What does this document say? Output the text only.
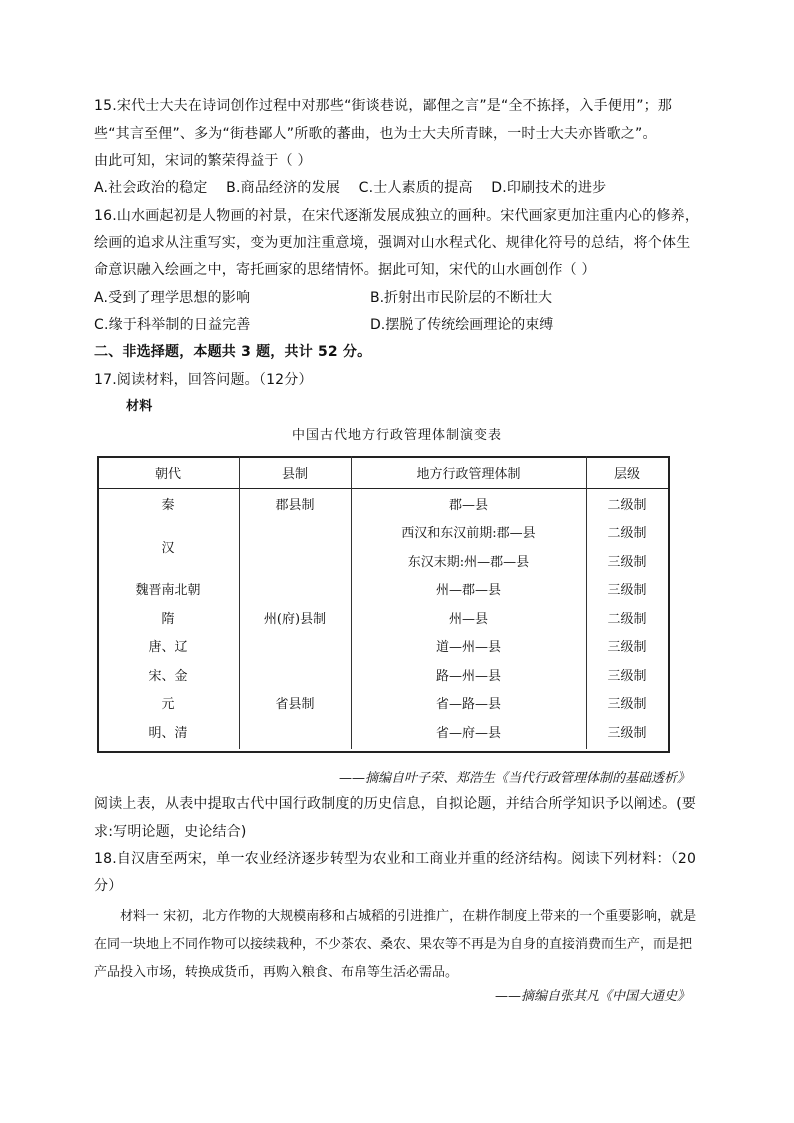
15.宋代士大夫在诗词创作过程中对那些“街谈巷说，鄙俚之言”是“全不拣择，入手便用”；那
些“其言至俚”、多为“街巷鄙人”所歌的蕃曲，也为士大夫所青睐，一时士大夫亦皆歌之”。
由此可知，宋词的繁荣得益于（ ）
A.社会政治的稳定    B.商品经济的发展    C.士人素质的提高    D.印刷技术的进步
16.山水画起初是人物画的衬景，在宋代逐渐发展成独立的画种。宋代画家更加注重内心的修养，
绘画的追求从注重写实，变为更加注重意境，强调对山水程式化、规律化符号的总结，将个体生
命意识融入绘画之中，寄托画家的思绪情怀。据此可知，宋代的山水画创作（ ）
A.受到了理学思想的影响	B.折射出市民阶层的不断壮大
C.缘于科举制的日益完善	D.摆脱了传统绘画理论的束缚
二、非选择题，本题共 3 题，共计 52 分。
17.阅读材料，回答问题。（12分）
材料
中国古代地方行政管理体制演变表
朝代	县制	地方行政管理体制	层级
秦	郡县制	郡—县	二级制
汉		西汉和东汉前期:郡—县	二级制
		东汉末期:州—郡—县	三级制
魏晋南北朝		州—郡—县	三级制
隋	州(府)县制	州—县	二级制
唐、辽		道—州—县	三级制
宋、金		路—州—县	三级制
元	省县制	省—路—县	三级制
明、清		省—府—县	三级制
——摘编自叶子荣、郑浩生《当代行政管理体制的基础透析》
阅读上表，从表中提取古代中国行政制度的历史信息，自拟论题，并结合所学知识予以阐述。(要
求:写明论题，史论结合)
18.自汉唐至两宋，单一农业经济逐步转型为农业和工商业并重的经济结构。阅读下列材料：（20
分）
材料一 宋初，北方作物的大规模南移和占城稻的引进推广，在耕作制度上带来的一个重要影响，就是在同一块地上不同作物可以接续栽种，不少茶农、桑农、果农等不再是为自身的直接消费而生产，而是把产品投入市场，转换成货币，再购入粮食、布帛等生活必需品。
——摘编自张其凡《中国大通史》
